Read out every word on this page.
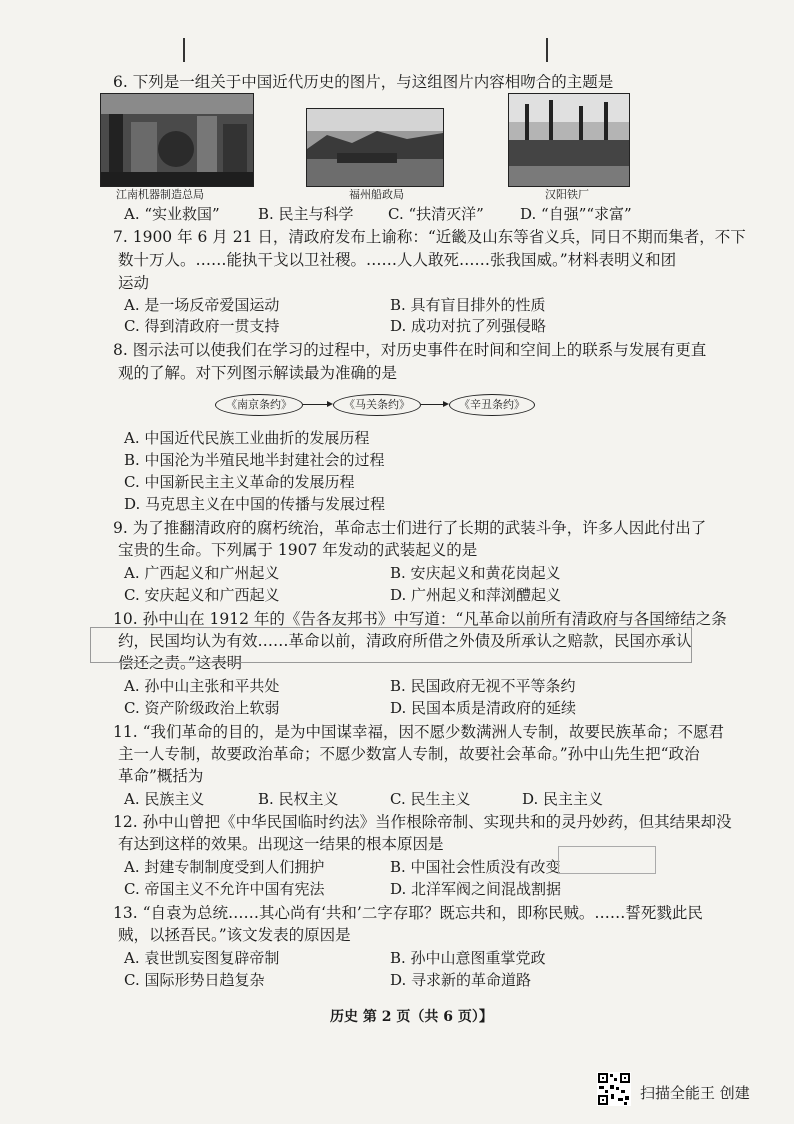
6. 下列是一组关于中国近代历史的图片，与这组图片内容相吻合的主题是
江南机器制造总局	福州船政局	汉阳铁厂
A. “实业救国”	B. 民主与科学 C. “扶清灭洋” D. “自强”“求富”
7. 1900 年 6 月 21 日，清政府发布上谕称：“近畿及山东等省义兵，同日不期而集者，不下
数十万人。……能执干戈以卫社稷。……人人敢死……张我国威。”材料表明义和团
运动
A. 是一场反帝爱国运动	B. 具有盲目排外的性质
C. 得到清政府一贯支持	D. 成功对抗了列强侵略
8. 图示法可以使我们在学习的过程中，对历史事件在时间和空间上的联系与发展有更直
观的了解。对下列图示解读最为准确的是
《南京条约》	《马关条约》	《辛丑条约》
A. 中国近代民族工业曲折的发展历程
B. 中国沦为半殖民地半封建社会的过程
C. 中国新民主主义革命的发展历程
D. 马克思主义在中国的传播与发展过程
9. 为了推翻清政府的腐朽统治，革命志士们进行了长期的武装斗争，许多人因此付出了
宝贵的生命。下列属于 1907 年发动的武装起义的是
A. 广西起义和广州起义	B. 安庆起义和黄花岗起义
C. 安庆起义和广西起义	D. 广州起义和萍浏醴起义
10. 孙中山在 1912 年的《告各友邦书》中写道：“凡革命以前所有清政府与各国缔结之条
约，民国均认为有效……革命以前，清政府所借之外债及所承认之赔款，民国亦承认
偿还之责。”这表明
A. 孙中山主张和平共处	B. 民国政府无视不平等条约
C. 资产阶级政治上软弱	D. 民国本质是清政府的延续
11. “我们革命的目的，是为中国谋幸福，因不愿少数满洲人专制，故要民族革命；不愿君
主一人专制，故要政治革命；不愿少数富人专制，故要社会革命。”孙中山先生把“政治
革命”概括为
A. 民族主义	B. 民权主义	C. 民生主义	D. 民主主义
12. 孙中山曾把《中华民国临时约法》当作根除帝制、实现共和的灵丹妙药，但其结果却没
有达到这样的效果。出现这一结果的根本原因是
A. 封建专制制度受到人们拥护	B. 中国社会性质没有改变
C. 帝国主义不允许中国有宪法	D. 北洋军阀之间混战割据
13. “自袁为总统……其心尚有‘共和’二字存耶？既忘共和，即称民贼。……誓死戮此民
贼，以拯吾民。”该文发表的原因是
A. 袁世凯妄图复辟帝制	B. 孙中山意图重掌党政
C. 国际形势日趋复杂	D. 寻求新的革命道路
历史 第 2 页（共 6 页）】
扫描全能王 创建
